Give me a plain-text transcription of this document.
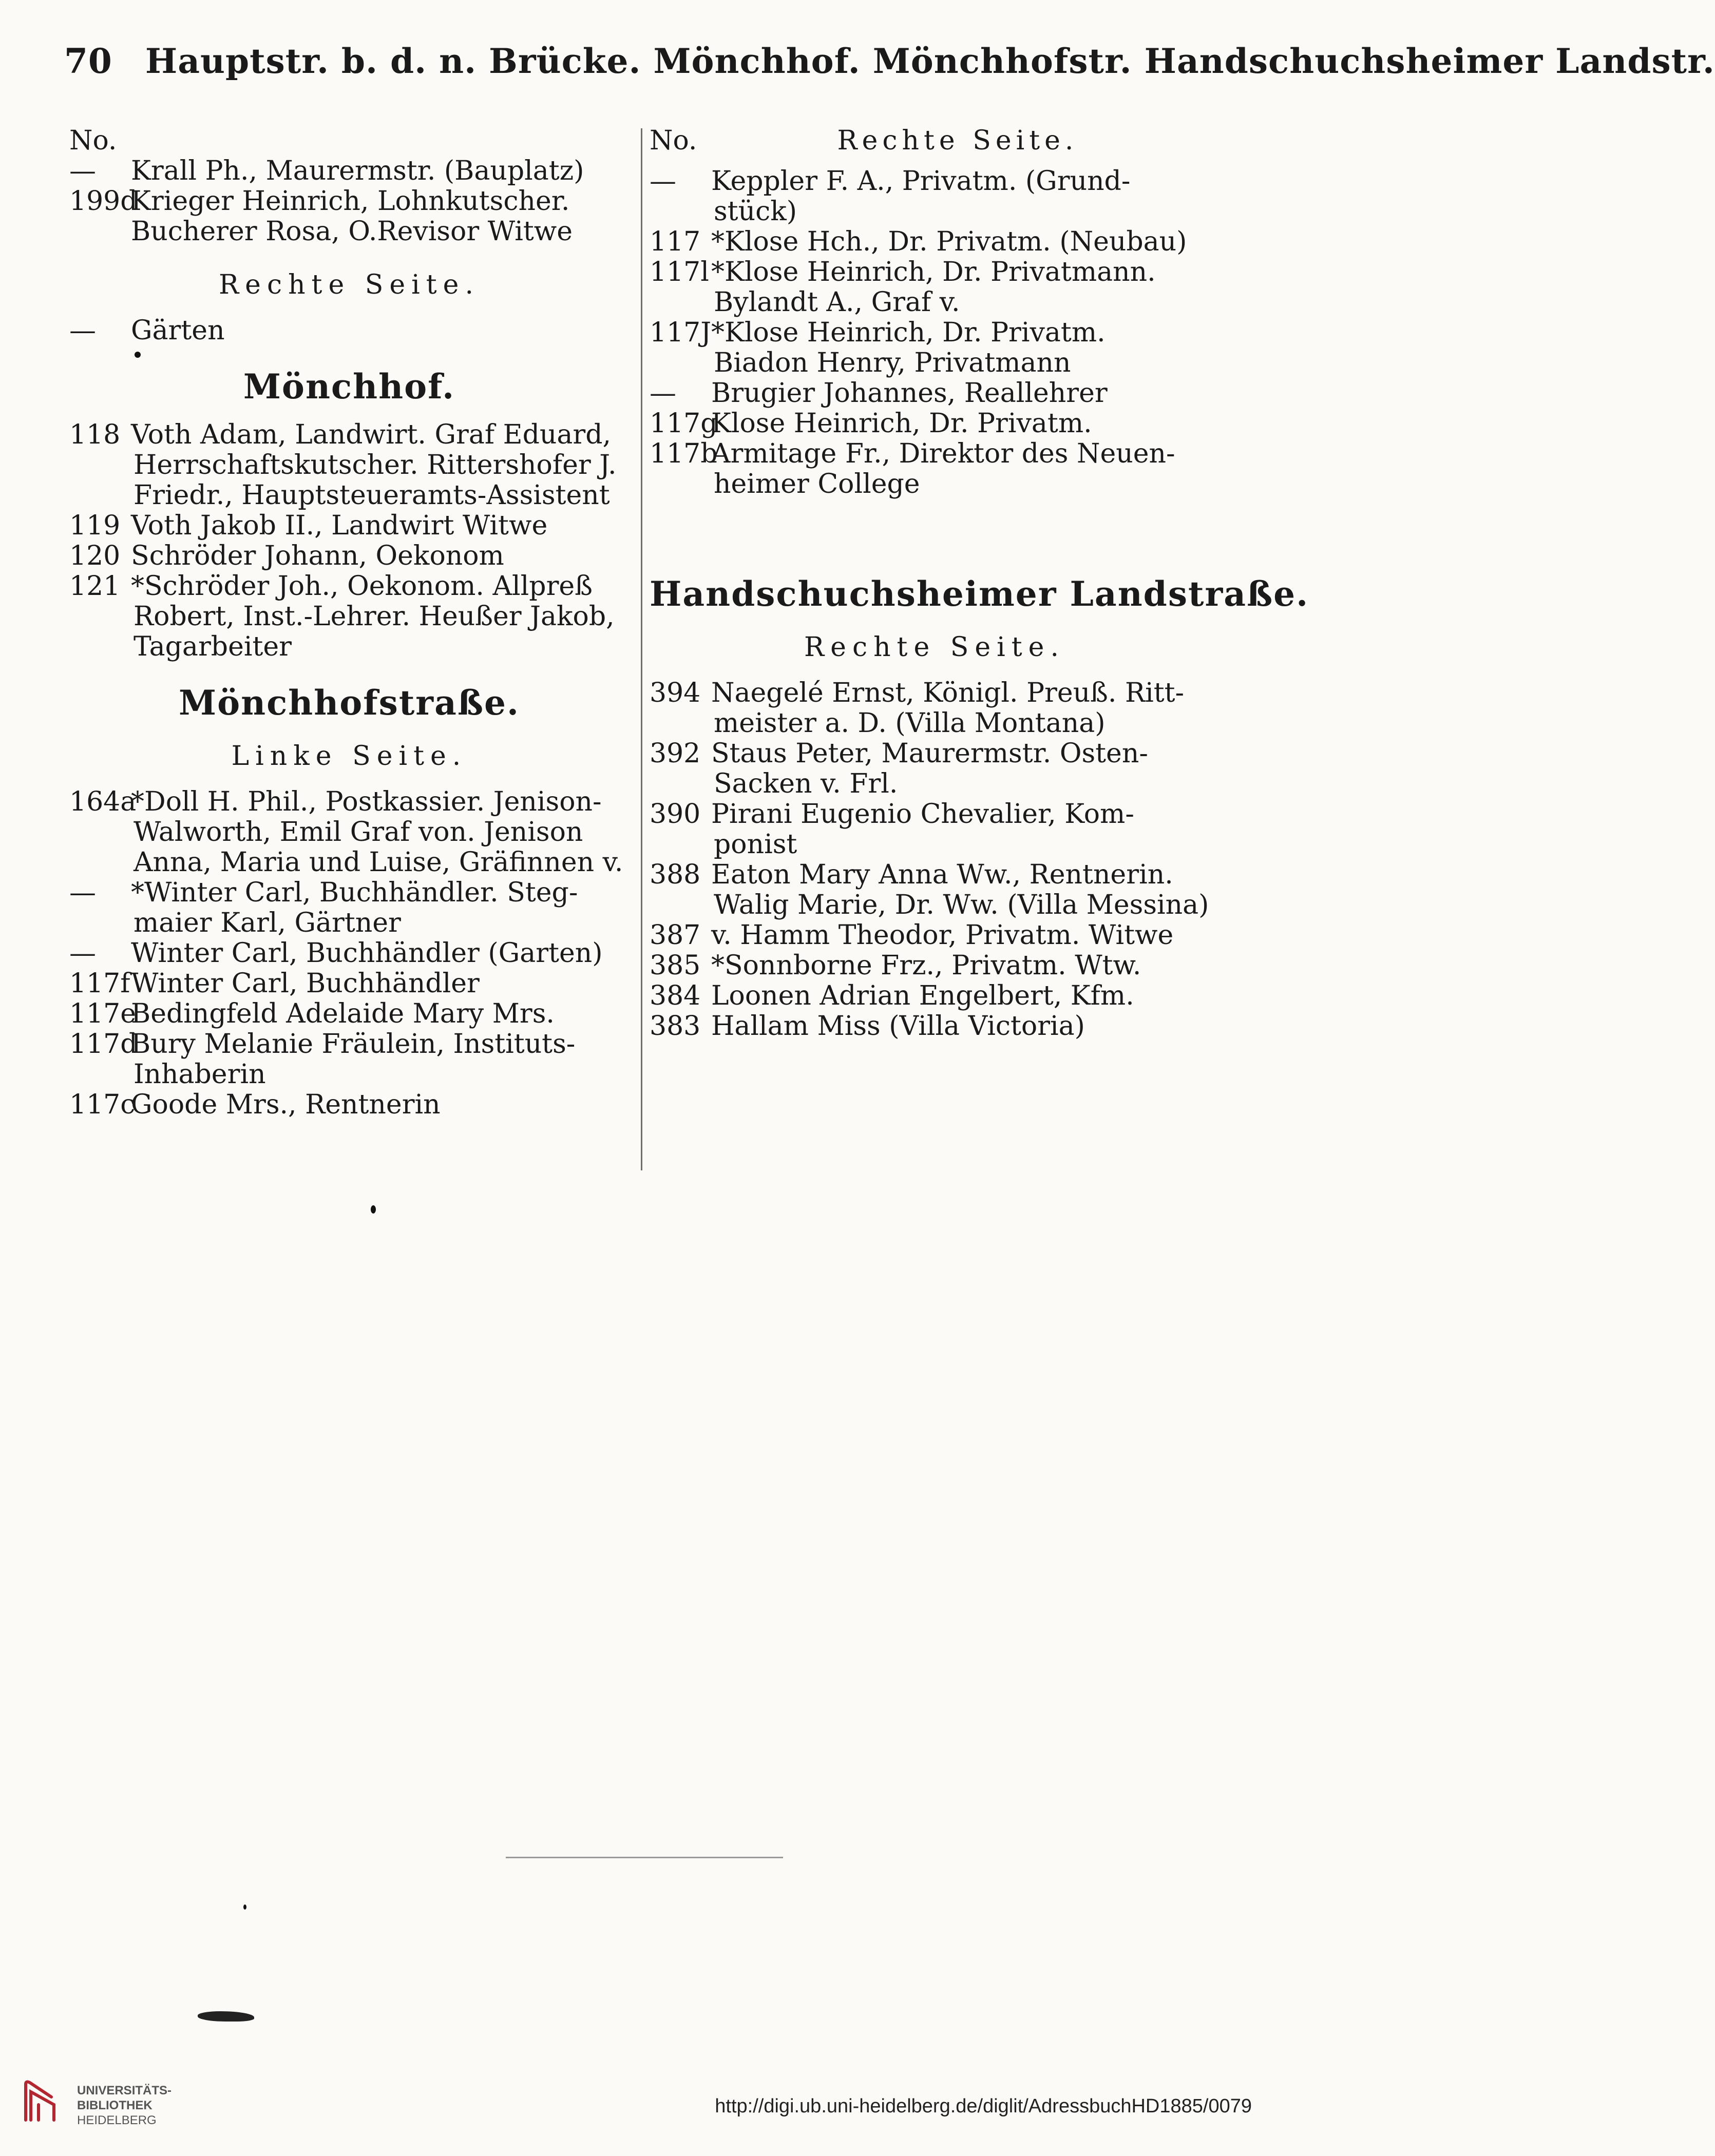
70 Hauptstr. b. d. n. Brücke. Mönchhof. Mönchhofstr. Handschuchsheimer Landstr.
No.
— Krall Ph., Maurermstr. (Bauplatz)
199dKrieger Heinrich, Lohnkutscher.
Bucherer Rosa, O.Revisor Witwe
Rechte Seite.
— Gärten
Mönchhof.
118 Voth Adam, Landwirt. Graf Eduard,
Herrschaftskutscher. Rittershofer J.
Friedr., Hauptsteueramts-Assistent
119 Voth Jakob II., Landwirt Witwe
120 Schröder Johann, Oekonom
121 *Schröder Joh., Oekonom. Allpreß
Robert, Inst.-Lehrer. Heußer Jakob,
Tagarbeiter
Mönchhofstraße.
Linke Seite.
164a*Doll H. Phil., Postkassier. Jenison-
Walworth, Emil Graf von. Jenison
Anna, Maria und Luise, Gräfinnen v.
— *Winter Carl, Buchhändler. Steg-
maier Karl, Gärtner
— Winter Carl, Buchhändler (Garten)
117fWinter Carl, Buchhändler
117eBedingfeld Adelaide Mary Mrs.
117dBury Melanie Fräulein, Instituts-
Inhaberin
117cGoode Mrs., Rentnerin
No.	Rechte Seite.
— Keppler F. A., Privatm. (Grund-
stück)
117 *Klose Hch., Dr. Privatm. (Neubau)
117l*Klose Heinrich, Dr. Privatmann.
Bylandt A., Graf v.
117J*Klose Heinrich, Dr. Privatm.
Biadon Henry, Privatmann
— Brugier Johannes, Reallehrer
117gKlose Heinrich, Dr. Privatm.
117bArmitage Fr., Direktor des Neuen-
heimer College
Handschuchsheimer Landstraße.
Rechte Seite.
394 Naegelé Ernst, Königl. Preuß. Ritt-
meister a. D. (Villa Montana)
392 Staus Peter, Maurermstr. Osten-
Sacken v. Frl.
390 Pirani Eugenio Chevalier, Kom-
ponist
388 Eaton Mary Anna Ww., Rentnerin.
Walig Marie, Dr. Ww. (Villa Messina)
387 v. Hamm Theodor, Privatm. Witwe
385 *Sonnborne Frz., Privatm. Wtw.
384 Loonen Adrian Engelbert, Kfm.
383 Hallam Miss (Villa Victoria)
UNIVERSITÄTS-
BIBLIOTHEK
HEIDELBERG
http://digi.ub.uni-heidelberg.de/diglit/AdressbuchHD1885/0079
